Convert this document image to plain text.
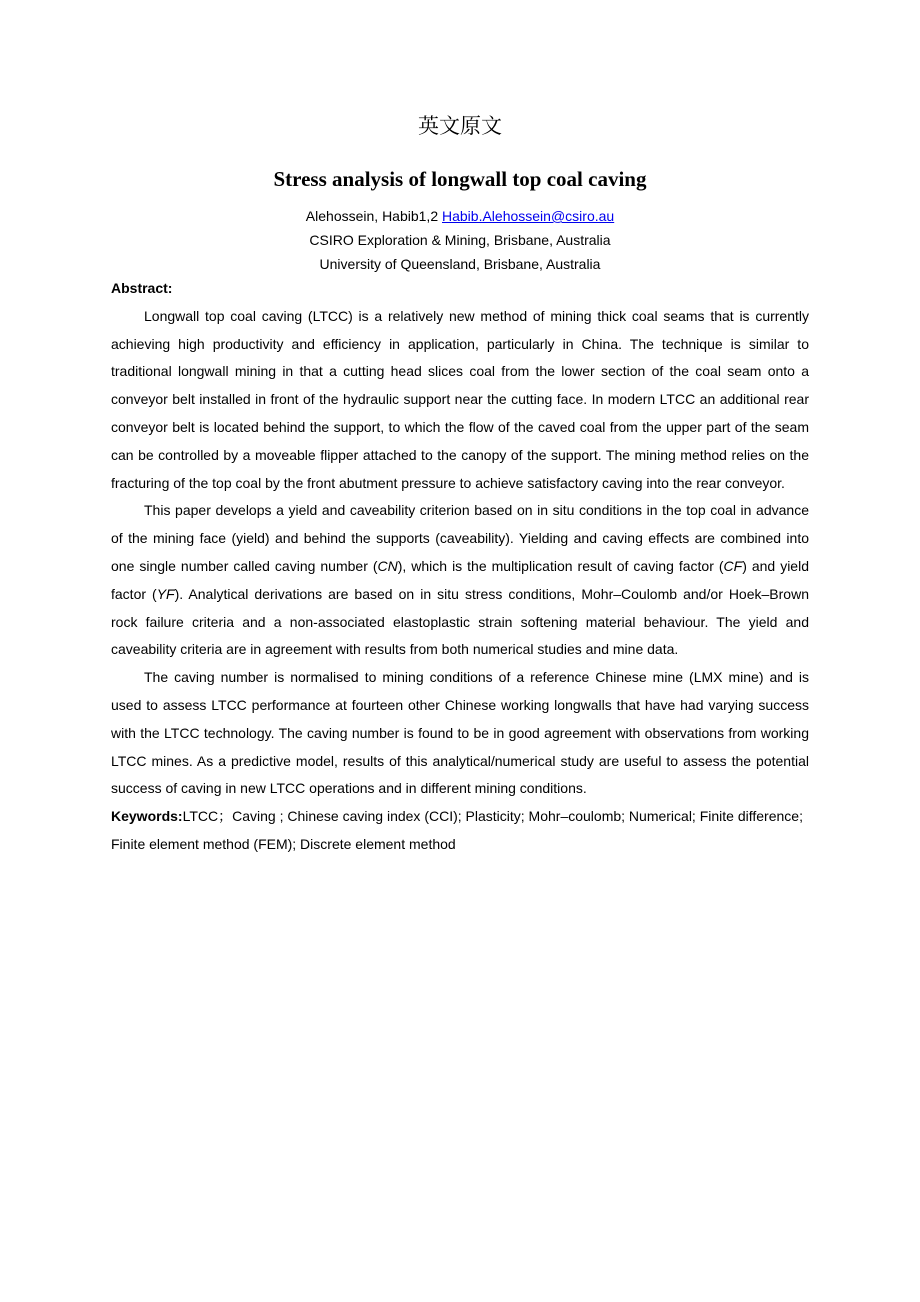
英文原文
Stress analysis of longwall top coal caving
Alehossein, Habib1,2 Habib.Alehossein@csiro.au
CSIRO Exploration & Mining, Brisbane, Australia
University of Queensland, Brisbane, Australia
Abstract:

Longwall top coal caving (LTCC) is a relatively new method of mining thick coal seams that is currently achieving high productivity and efficiency in application, particularly in China. The technique is similar to traditional longwall mining in that a cutting head slices coal from the lower section of the coal seam onto a conveyor belt installed in front of the hydraulic support near the cutting face. In modern LTCC an additional rear conveyor belt is located behind the support, to which the flow of the caved coal from the upper part of the seam can be controlled by a moveable flipper attached to the canopy of the support. The mining method relies on the fracturing of the top coal by the front abutment pressure to achieve satisfactory caving into the rear conveyor.

This paper develops a yield and caveability criterion based on in situ conditions in the top coal in advance of the mining face (yield) and behind the supports (caveability). Yielding and caving effects are combined into one single number called caving number (CN), which is the multiplication result of caving factor (CF) and yield factor (YF). Analytical derivations are based on in situ stress conditions, Mohr–Coulomb and/or Hoek–Brown rock failure criteria and a non-associated elastoplastic strain softening material behaviour. The yield and caveability criteria are in agreement with results from both numerical studies and mine data.

The caving number is normalised to mining conditions of a reference Chinese mine (LMX mine) and is used to assess LTCC performance at fourteen other Chinese working longwalls that have had varying success with the LTCC technology. The caving number is found to be in good agreement with observations from working LTCC mines. As a predictive model, results of this analytical/numerical study are useful to assess the potential success of caving in new LTCC operations and in different mining conditions.

Keywords:LTCC；Caving ; Chinese caving index (CCI); Plasticity; Mohr–coulomb; Numerical; Finite difference; Finite element method (FEM); Discrete element method
